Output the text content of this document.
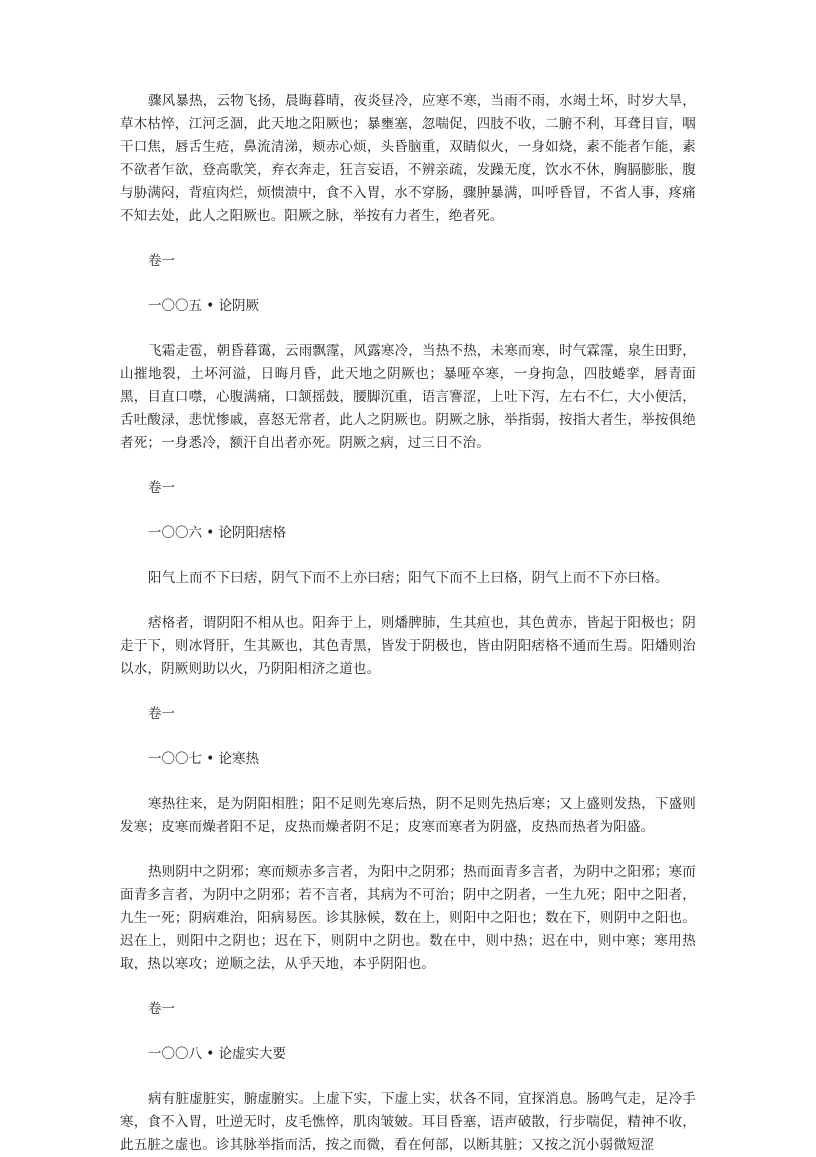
骤风暴热，云物飞扬，晨晦暮晴，夜炎昼冷，应寒不寒，当雨不雨，水竭土坏，时岁大旱，草木枯悴，江河乏涸，此天地之阳厥也；暴壅塞，忽喘促，四肢不收，二腑不利，耳聋目盲，咽干口焦，唇舌生疮，鼻流清涕，颊赤心烦，头昏脑重，双睛似火，一身如烧，素不能者乍能，素不欲者乍欲，登高歌笑，弃衣奔走，狂言妄语，不辨亲疏，发躁无度，饮水不休，胸膈膨胀，腹与胁满闷，背疽肉烂，烦愦溃中，食不入胃，水不穿肠，骤肿暴满，叫呼昏冒，不省人事，疼痛不知去处，此人之阳厥也。阳厥之脉，举按有力者生，绝者死。

卷一

一〇〇五 • 论阴厥

飞霜走雹，朝昏暮霭，云雨飘霪，风露寒冷，当热不热，未寒而寒，时气霖霪，泉生田野，山摧地裂，土坏河溢，日晦月昏，此天地之阴厥也；暴哑卒寒，一身拘急，四肢蜷挛，唇青面黑，目直口噤，心腹满痛，口颔摇鼓，腰脚沉重，语言謇涩，上吐下泻，左右不仁，大小便活，舌吐酸渌，悲忧惨戚，喜怒无常者，此人之阴厥也。阴厥之脉，举指弱，按指大者生，举按俱绝者死；一身悉冷，额汗自出者亦死。阴厥之病，过三日不治。

卷一

一〇〇六 • 论阴阳痞格

阳气上而不下曰痞，阴气下而不上亦曰痞；阳气下而不上曰格，阴气上而不下亦曰格。

痞格者，谓阴阳不相从也。阳奔于上，则燔脾肺，生其疸也，其色黄赤，皆起于阳极也；阴走于下，则冰肾肝，生其厥也，其色青黑，皆发于阴极也，皆由阴阳痞格不通而生焉。阳燔则治以水，阴厥则助以火，乃阴阳相济之道也。

卷一

一〇〇七 • 论寒热

寒热往来，是为阴阳相胜；阳不足则先寒后热，阴不足则先热后寒；又上盛则发热，下盛则发寒；皮寒而燥者阳不足，皮热而燥者阴不足；皮寒而寒者为阴盛，皮热而热者为阳盛。

热则阴中之阴邪；寒而颊赤多言者，为阳中之阴邪；热而面青多言者，为阴中之阳邪；寒而面青多言者，为阴中之阴邪；若不言者，其病为不可治；阴中之阴者，一生九死；阳中之阳者，九生一死；阴病难治，阳病易医。诊其脉候，数在上，则阳中之阳也；数在下，则阴中之阳也。迟在上，则阳中之阴也；迟在下，则阴中之阴也。数在中，则中热；迟在中，则中寒；寒用热取，热以寒攻；逆顺之法，从乎天地，本乎阴阳也。

卷一

一〇〇八 • 论虚实大要

病有脏虚脏实，腑虚腑实。上虚下实，下虚上实，状各不同，宜探消息。肠鸣气走，足冷手寒，食不入胃，吐逆无时，皮毛憔悴，肌肉皱皴。耳目昏塞，语声破散，行步喘促，精神不收，此五脏之虚也。诊其脉举指而活，按之而微，看在何部，以断其脏；又按之沉小弱微短涩
